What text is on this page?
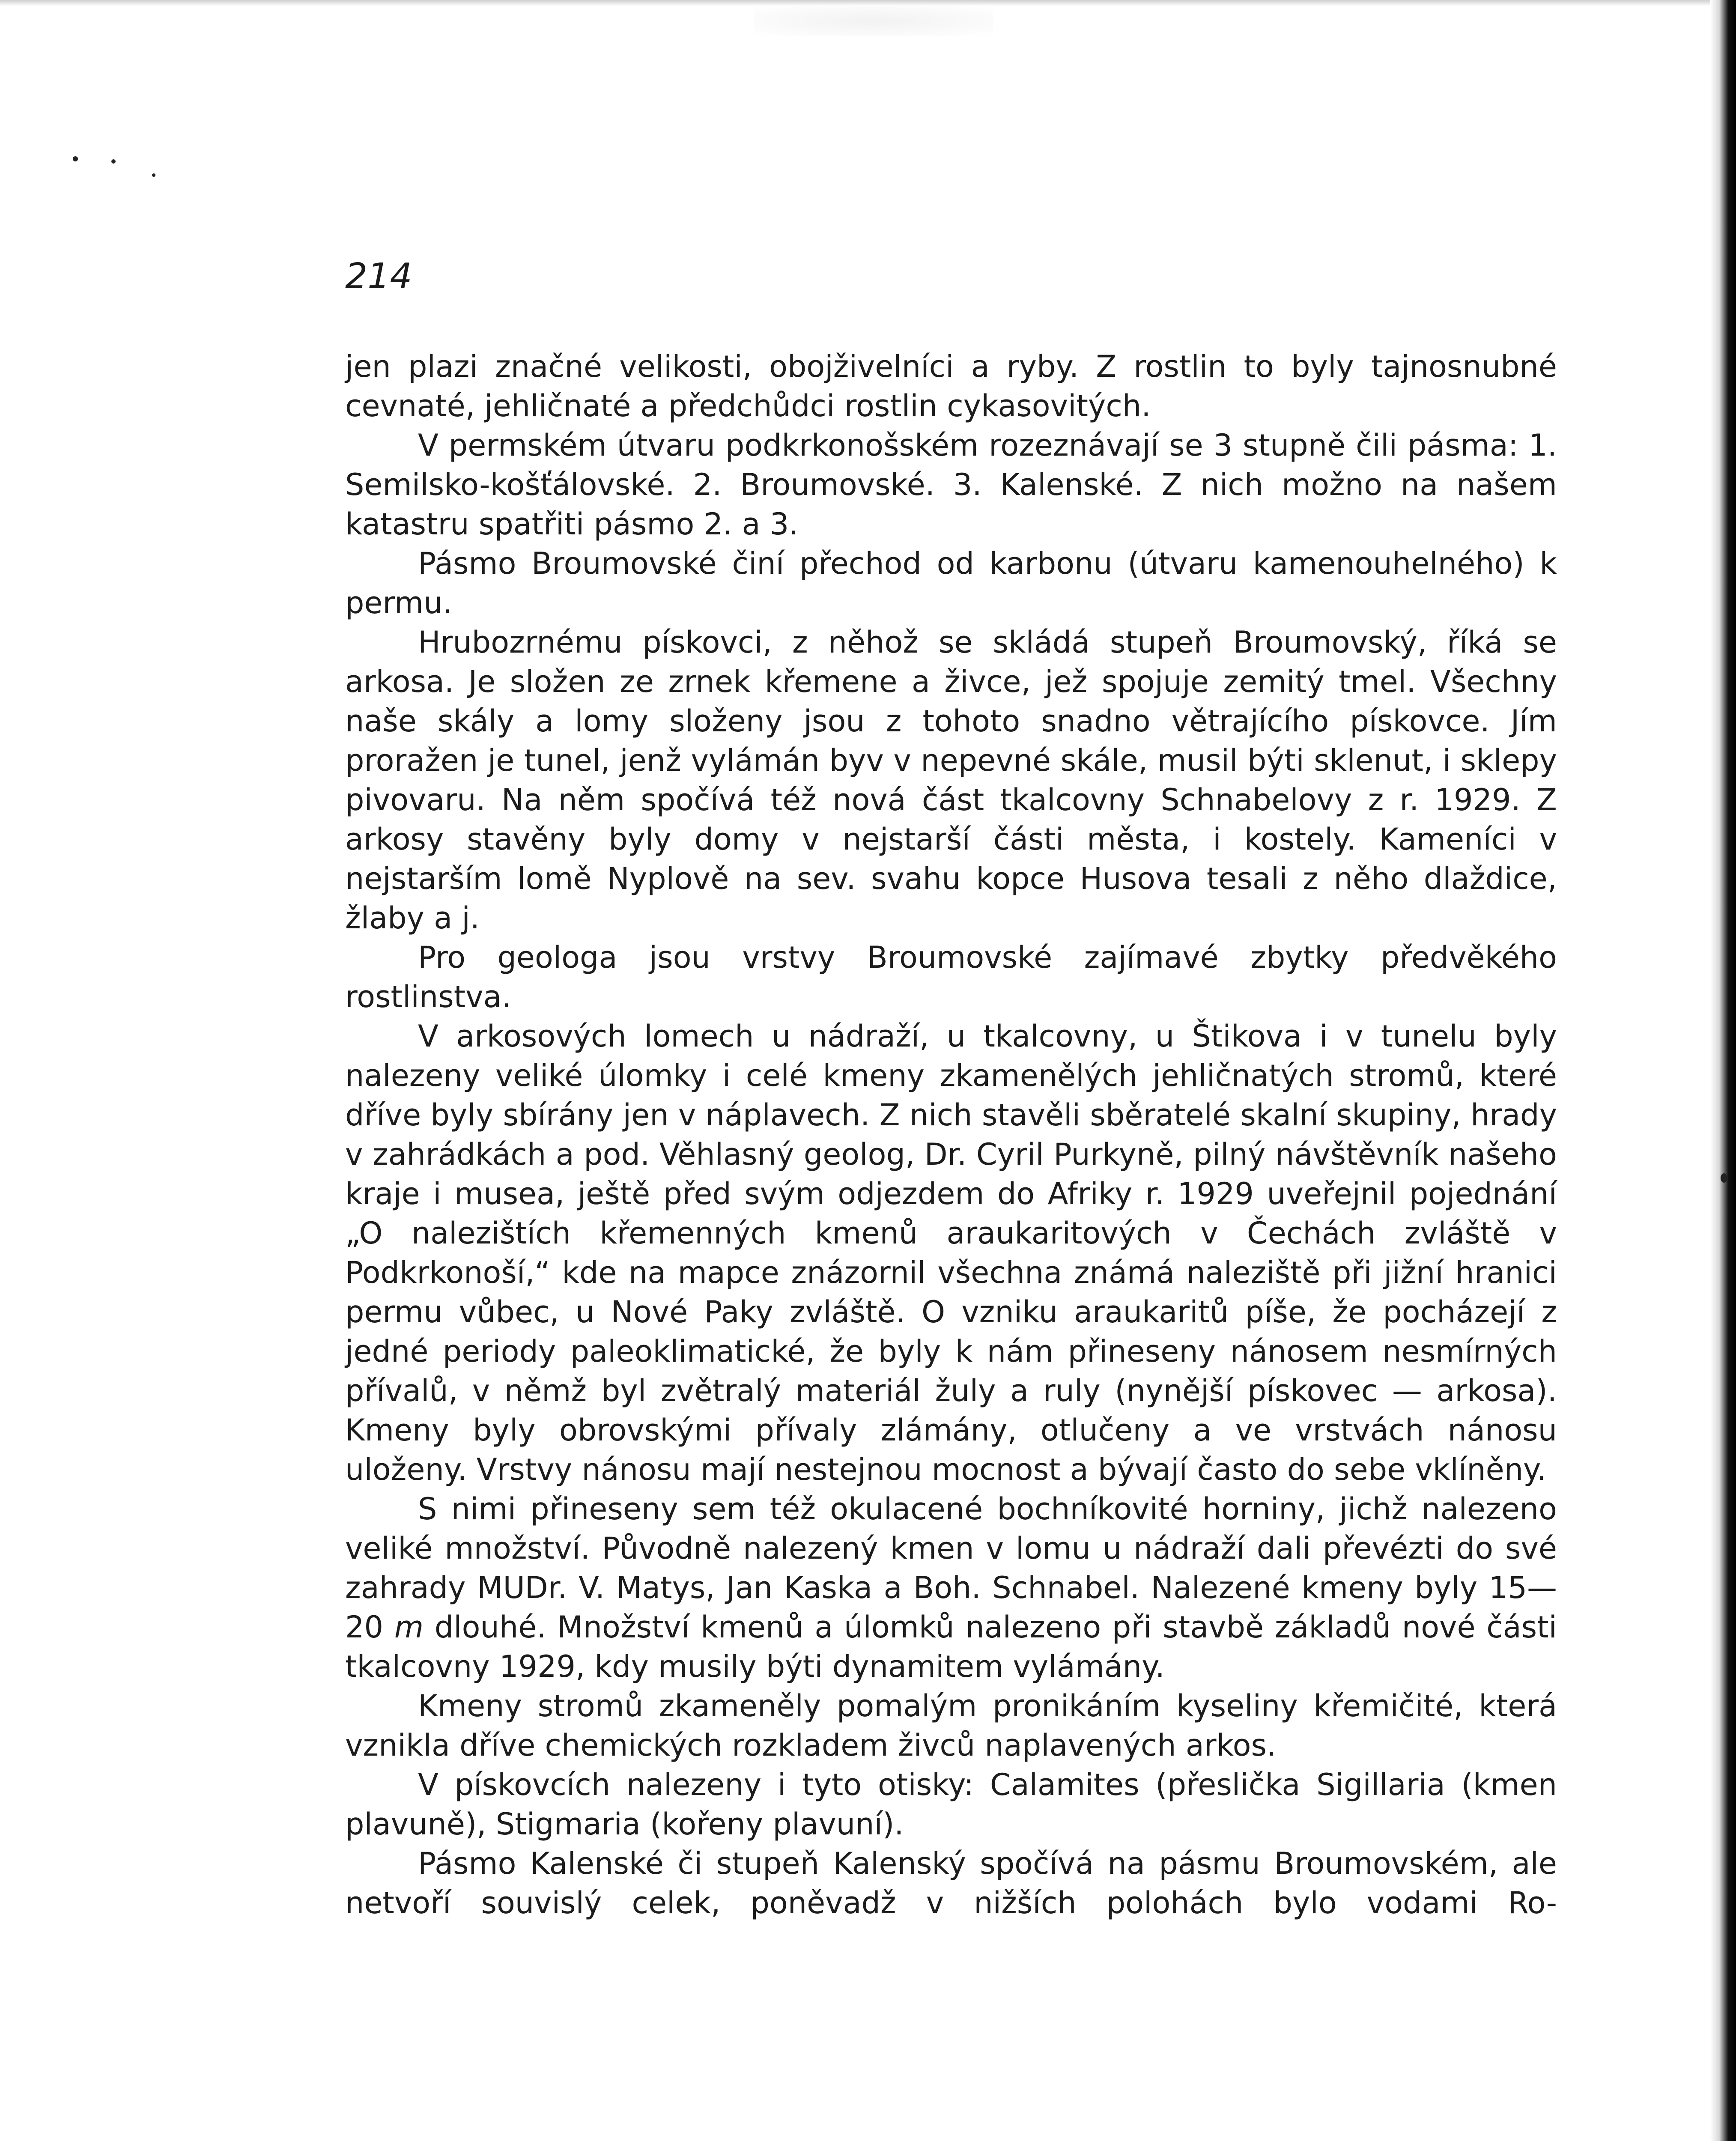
214

jen plazi značné velikosti, obojživelníci a ryby. Z rostlin to byly tajnosnubné cevnaté, jehličnaté a předchůdci rostlin cykasovitých.

V permském útvaru podkrkonošském rozeznávají se 3 stupně čili pásma: 1. Semilsko-košťálovské. 2. Broumovské. 3. Kalenské. Z nich možno na našem katastru spatřiti pásmo 2. a 3.

Pásmo Broumovské činí přechod od karbonu (útvaru kamenouhelného) k permu.

Hrubozrnému pískovci, z něhož se skládá stupeň Broumovský, říká se arkosa. Je složen ze zrnek křemene a živce, jež spojuje zemitý tmel. Všechny naše skály a lomy složeny jsou z tohoto snadno větrajícího pískovce. Jím proražen je tunel, jenž vylámán byv v nepevné skále, musil býti sklenut, i sklepy pivovaru. Na něm spočívá též nová část tkalcovny Schnabelovy z r. 1929. Z arkosy stavěny byly domy v nejstarší části města, i kostely. Kameníci v nejstarším lomě Nyplově na sev. svahu kopce Husova tesali z něho dlaždice, žlaby a j.

Pro geologa jsou vrstvy Broumovské zajímavé zbytky předvěkého rostlinstva.

V arkosových lomech u nádraží, u tkalcovny, u Štikova i v tunelu byly nalezeny veliké úlomky i celé kmeny zkamenělých jehličnatých stromů, které dříve byly sbírány jen v náplavech. Z nich stavěli sběratelé skalní skupiny, hrady v zahrádkách a pod. Věhlasný geolog, Dr. Cyril Purkyně, pilný návštěvník našeho kraje i musea, ještě před svým odjezdem do Afriky r. 1929 uveřejnil pojednání „O nalezištích křemenných kmenů araukaritových v Čechách zvláště v Podkrkonoší,“ kde na mapce znázornil všechna známá naleziště při jižní hranici permu vůbec, u Nové Paky zvláště. O vzniku araukaritů píše, že pocházejí z jedné periody paleoklimatické, že byly k nám přineseny nánosem nesmírných přívalů, v němž byl zvětralý materiál žuly a ruly (nynější pískovec — arkosa). Kmeny byly obrovskými přívaly zlámány, otlučeny a ve vrstvách nánosu uloženy. Vrstvy nánosu mají nestejnou mocnost a bývají často do sebe vklíněny.

S nimi přineseny sem též okulacené bochníkovité horniny, jichž nalezeno veliké množství. Původně nalezený kmen v lomu u nádraží dali převézti do své zahrady MUDr. V. Matys, Jan Kaska a Boh. Schnabel. Nalezené kmeny byly 15—20 m dlouhé. Množství kmenů a úlomků nalezeno při stavbě základů nové části tkalcovny 1929, kdy musily býti dynamitem vylámány.

Kmeny stromů zkameněly pomalým pronikáním kyseliny křemičité, která vznikla dříve chemických rozkladem živců naplavených arkos.

V pískovcích nalezeny i tyto otisky: Calamites (přeslička Sigillaria (kmen plavuně), Stigmaria (kořeny plavuní).

Pásmo Kalenské či stupeň Kalenský spočívá na pásmu Broumovském, ale netvoří souvislý celek, poněvadž v nižších polohách bylo vodami Ro-
